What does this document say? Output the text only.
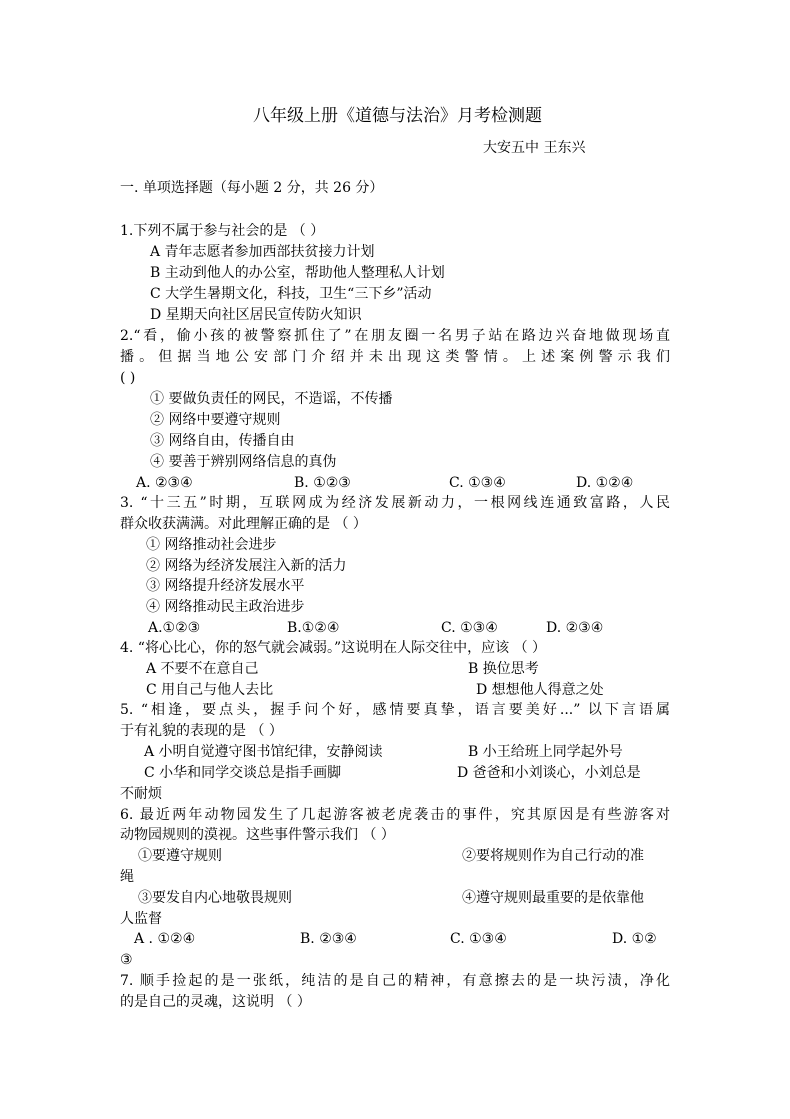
八年级上册《道德与法治》月考检测题
大安五中 王东兴
一. 单项选择题（每小题 2 分，共 26 分）
1.下列不属于参与社会的是 （ ）
A 青年志愿者参加西部扶贫接力计划
B 主动到他人的办公室，帮助他人整理私人计划
C 大学生暑期文化，科技，卫生“三下乡”活动
D 星期天向社区居民宣传防火知识
2.“看，偷小孩的被警察抓住了”在朋友圈一名男子站在路边兴奋地做现场直
播。但据当地公安部门介绍并未出现这类警情。上述案例警示我们
( )
① 要做负责任的网民，不造谣，不传播
② 网络中要遵守规则
③ 网络自由，传播自由
④ 要善于辨别网络信息的真伪
A. ②③④	B. ①②③	C. ①③④	D. ①②④
3. “十三五”时期，互联网成为经济发展新动力，一根网线连通致富路，人民
群众收获满满。对此理解正确的是 （ ）
① 网络推动社会进步
② 网络为经济发展注入新的活力
③ 网络提升经济发展水平
④ 网络推动民主政治进步
A.①②③	B.①②④	C. ①③④	D. ②③④
4. “将心比心，你的怒气就会减弱。”这说明在人际交往中，应该 （ ）
A 不要不在意自己	B 换位思考
C 用自己与他人去比	D 想想他人得意之处
5. “相逢，要点头，握手问个好，感情要真挚，语言要美好...” 以下言语属
于有礼貌的表现的是 （ ）
A 小明自觉遵守图书馆纪律，安静阅读	B 小王给班上同学起外号
C 小华和同学交谈总是指手画脚	D 爸爸和小刘谈心，小刘总是
不耐烦
6. 最近两年动物园发生了几起游客被老虎袭击的事件，究其原因是有些游客对
动物园规则的漠视。这些事件警示我们 （ ）
①要遵守规则	②要将规则作为自己行动的准
绳
③要发自内心地敬畏规则	④遵守规则最重要的是依靠他
人监督
A . ①②④	B. ②③④	C. ①③④	D. ①②
③
7. 顺手捡起的是一张纸，纯洁的是自己的精神，有意擦去的是一块污渍，净化
的是自己的灵魂，这说明 （ ）
